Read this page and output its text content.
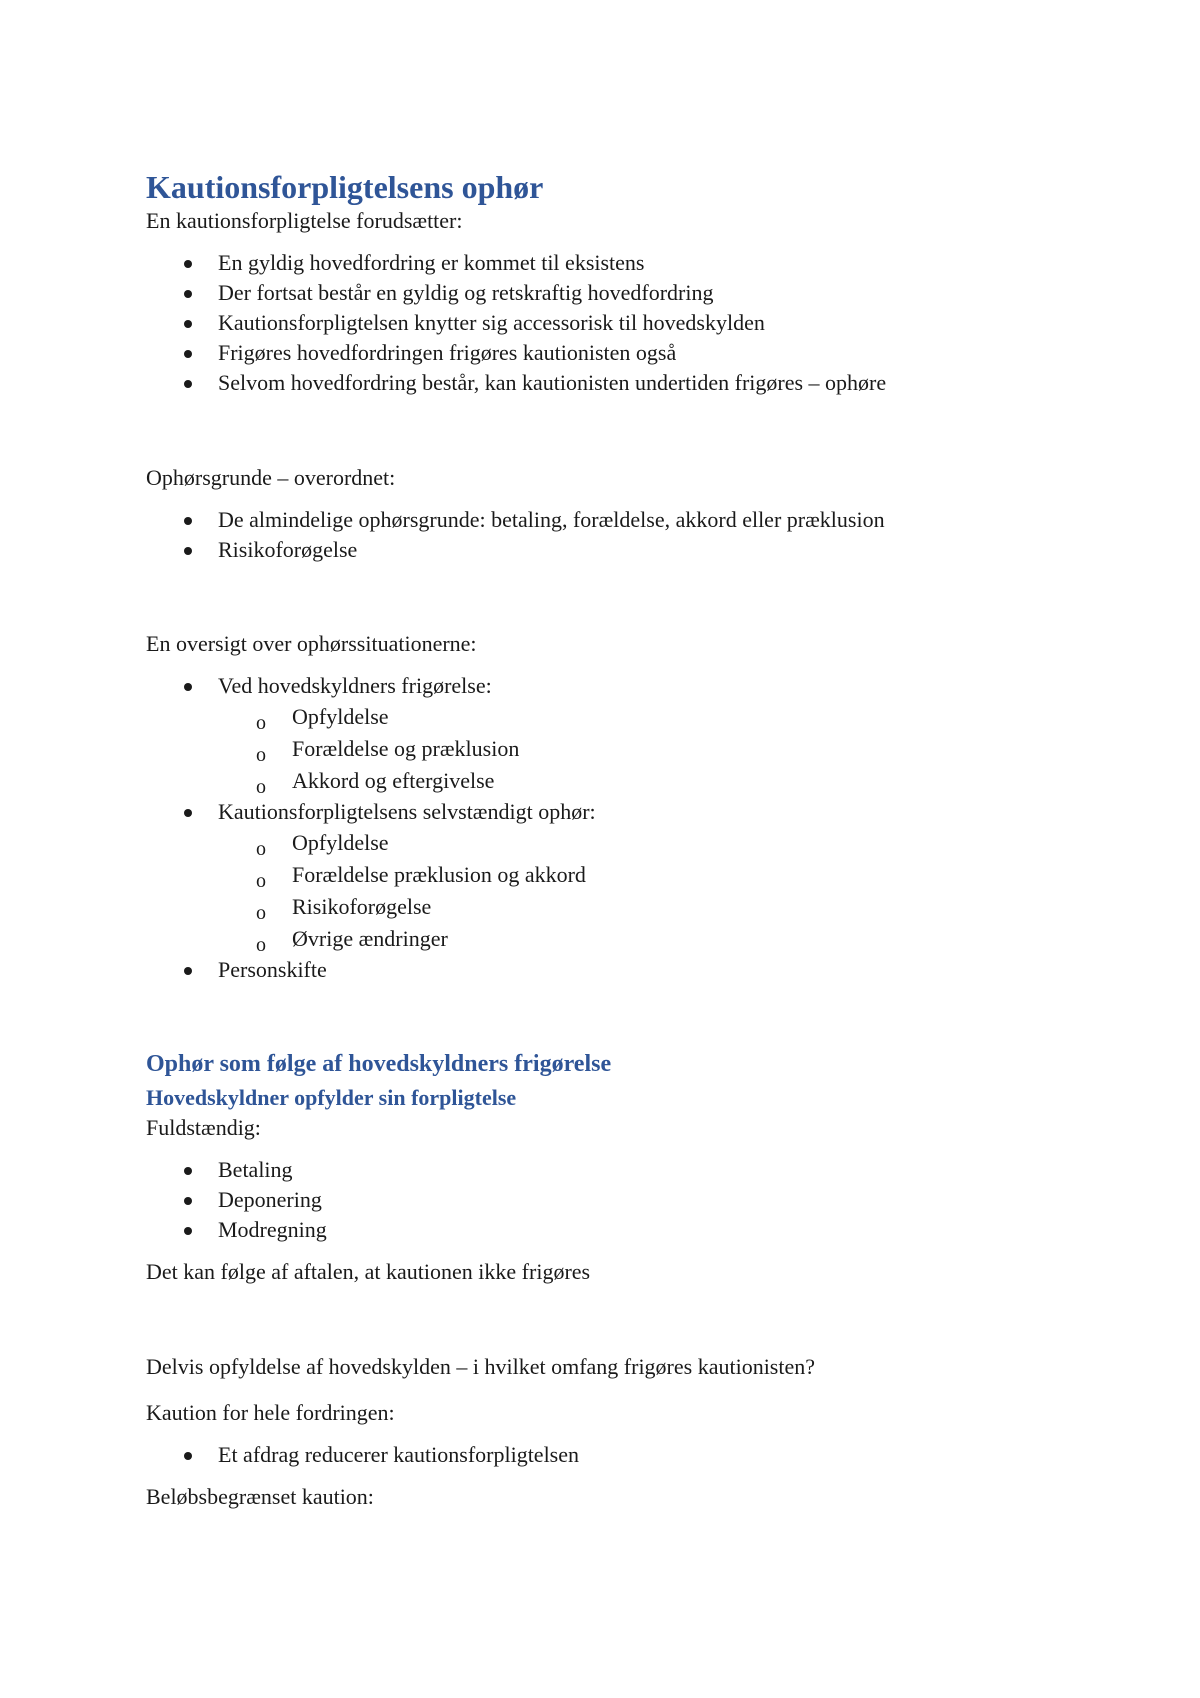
Kautionsforpligtelsens ophør

En kautionsforpligtelse forudsætter:

En gyldig hovedfordring er kommet til eksistens
Der fortsat består en gyldig og retskraftig hovedfordring
Kautionsforpligtelsen knytter sig accessorisk til hovedskylden
Frigøres hovedfordringen frigøres kautionisten også
Selvom hovedfordring består, kan kautionisten undertiden frigøres – ophøre

Ophørsgrunde – overordnet:

De almindelige ophørsgrunde: betaling, forældelse, akkord eller præklusion
Risikoforøgelse

En oversigt over ophørssituationerne:

Ved hovedskyldners frigørelse:
o Opfyldelse
o Forældelse og præklusion
o Akkord og eftergivelse
Kautionsforpligtelsens selvstændigt ophør:
o Opfyldelse
o Forældelse præklusion og akkord
o Risikoforøgelse
o Øvrige ændringer
Personskifte
Ophør som følge af hovedskyldners frigørelse
Hovedskyldner opfylder sin forpligtelse

Fuldstændig:

Betaling
Deponering
Modregning

Det kan følge af aftalen, at kautionen ikke frigøres

Delvis opfyldelse af hovedskylden – i hvilket omfang frigøres kautionisten?

Kaution for hele fordringen:

Et afdrag reducerer kautionsforpligtelsen

Beløbsbegrænset kaution:
